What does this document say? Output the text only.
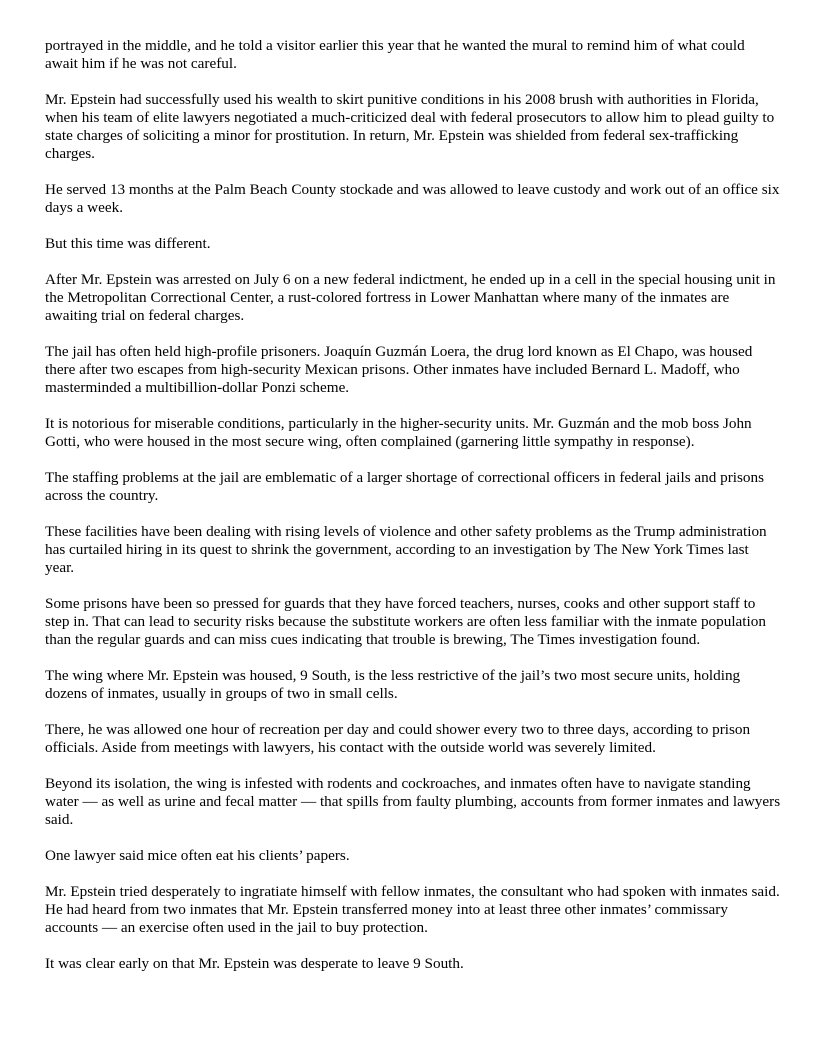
portrayed in the middle, and he told a visitor earlier this year that he wanted the mural to remind him of what could await him if he was not careful.

Mr. Epstein had successfully used his wealth to skirt punitive conditions in his 2008 brush with authorities in Florida, when his team of elite lawyers negotiated a much-criticized deal with federal prosecutors to allow him to plead guilty to state charges of soliciting a minor for prostitution. In return, Mr. Epstein was shielded from federal sex-trafficking charges.

He served 13 months at the Palm Beach County stockade and was allowed to leave custody and work out of an office six days a week.

But this time was different.

After Mr. Epstein was arrested on July 6 on a new federal indictment, he ended up in a cell in the special housing unit in the Metropolitan Correctional Center, a rust-colored fortress in Lower Manhattan where many of the inmates are awaiting trial on federal charges.

The jail has often held high-profile prisoners. Joaquín Guzmán Loera, the drug lord known as El Chapo, was housed there after two escapes from high-security Mexican prisons. Other inmates have included Bernard L. Madoff, who masterminded a multibillion-dollar Ponzi scheme.

It is notorious for miserable conditions, particularly in the higher-security units. Mr. Guzmán and the mob boss John Gotti, who were housed in the most secure wing, often complained (garnering little sympathy in response).

The staffing problems at the jail are emblematic of a larger shortage of correctional officers in federal jails and prisons across the country.

These facilities have been dealing with rising levels of violence and other safety problems as the Trump administration has curtailed hiring in its quest to shrink the government, according to an investigation by The New York Times last year.

Some prisons have been so pressed for guards that they have forced teachers, nurses, cooks and other support staff to step in. That can lead to security risks because the substitute workers are often less familiar with the inmate population than the regular guards and can miss cues indicating that trouble is brewing, The Times investigation found.

The wing where Mr. Epstein was housed, 9 South, is the less restrictive of the jail’s two most secure units, holding dozens of inmates, usually in groups of two in small cells.

There, he was allowed one hour of recreation per day and could shower every two to three days, according to prison officials. Aside from meetings with lawyers, his contact with the outside world was severely limited.

Beyond its isolation, the wing is infested with rodents and cockroaches, and inmates often have to navigate standing water — as well as urine and fecal matter — that spills from faulty plumbing, accounts from former inmates and lawyers said.

One lawyer said mice often eat his clients’ papers.

Mr. Epstein tried desperately to ingratiate himself with fellow inmates, the consultant who had spoken with inmates said. He had heard from two inmates that Mr. Epstein transferred money into at least three other inmates’ commissary accounts — an exercise often used in the jail to buy protection.

It was clear early on that Mr. Epstein was desperate to leave 9 South.
